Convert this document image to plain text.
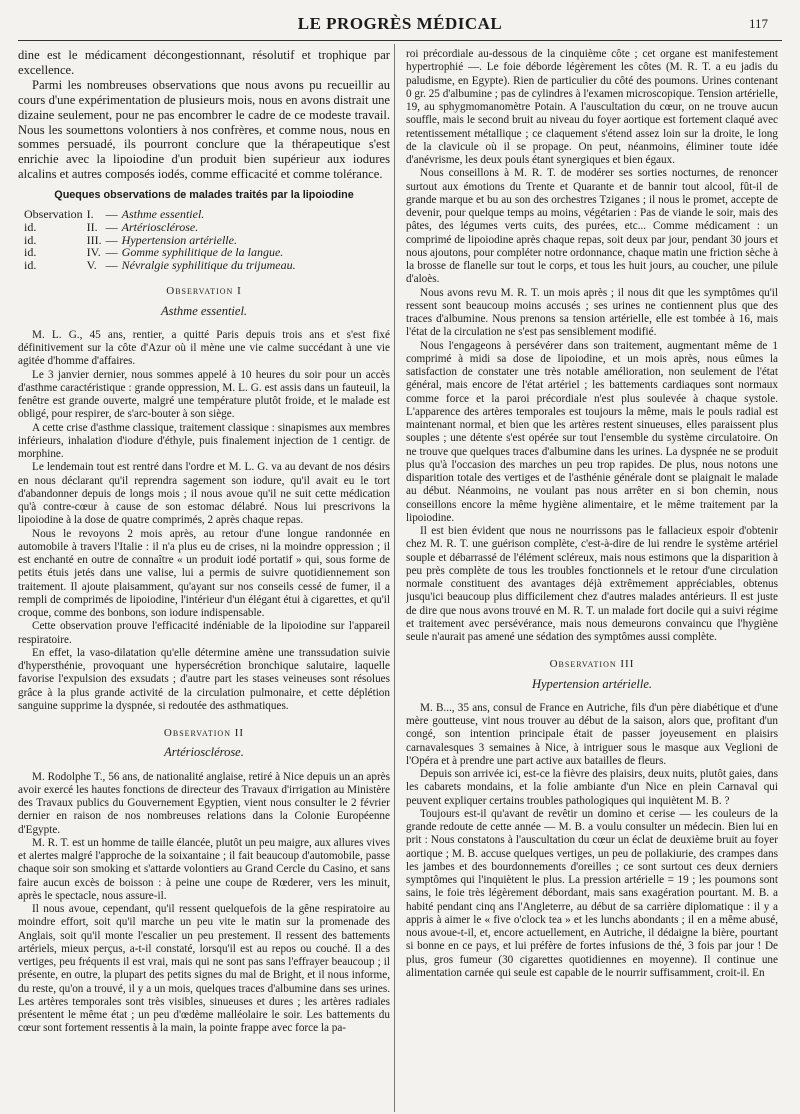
LE PROGRÈS MÉDICAL	117

dine est le médicament décongestionnant, résolutif et trophique par excellence.

Parmi les nombreuses observations que nous avons pu recueillir au cours d'une expérimentation de plusieurs mois, nous en avons distrait une dizaine seulement, pour ne pas encombrer le cadre de ce modeste travail. Nous les soumettons volontiers à nos confrères, et comme nous, nous en sommes persuadé, ils pourront conclure que la thérapeutique s'est enrichie avec la lipoiodine d'un produit bien supérieur aux iodures alcalins et autres composés iodés, comme efficacité et comme tolérance.

Queques observations de malades traités par la lipoiodine
Observation	I.	—	Asthme essentiel.
id.	II.	—	Artériosclérose.
id.	III.	—	Hypertension artérielle.
id.	IV.	—	Gomme syphilitique de la langue.
id.	V.	—	Névralgie syphilitique du trijumeau.
Observation I
Asthme essentiel.

M. L. G., 45 ans, rentier, a quitté Paris depuis trois ans et s'est fixé définitivement sur la côte d'Azur où il mène une vie calme succédant à une vie agitée d'homme d'affaires.

Le 3 janvier dernier, nous sommes appelé à 10 heures du soir pour un accès d'asthme caractéristique : grande oppression, M. L. G. est assis dans un fauteuil, la fenêtre est grande ouverte, malgré une température plutôt froide, et le malade est obligé, pour respirer, de s'arc-bouter à son siège.

A cette crise d'asthme classique, traitement classique : sinapismes aux membres inférieurs, inhalation d'iodure d'éthyle, puis finalement injection de 1 centigr. de morphine.

Le lendemain tout est rentré dans l'ordre et M. L. G. va au devant de nos désirs en nous déclarant qu'il reprendra sagement son iodure, qu'il avait eu le tort d'abandonner depuis de longs mois ; il nous avoue qu'il ne suit cette médication qu'à contre-cœur à cause de son estomac délabré. Nous lui prescrivons la lipoiodine à la dose de quatre comprimés, 2 après chaque repas.

Nous le revoyons 2 mois après, au retour d'une longue randonnée en automobile à travers l'Italie : il n'a plus eu de crises, ni la moindre oppression ; il est enchanté en outre de connaître « un produit iodé portatif » qui, sous forme de petits étuis jetés dans une valise, lui a permis de suivre quotidiennement son traitement. Il ajoute plaisamment, qu'ayant sur nos conseils cessé de fumer, il a rempli de comprimés de lipoiodine, l'intérieur d'un élégant étui à cigarettes, et qu'il croque, comme des bonbons, son iodure indispensable.

Cette observation prouve l'efficacité indéniable de la lipoiodine sur l'appareil respiratoire.

En effet, la vaso-dilatation qu'elle détermine amène une transsudation suivie d'hypersthénie, provoquant une hypersécrétion bronchique salutaire, laquelle favorise l'expulsion des exsudats ; d'autre part les stases veineuses sont résolues grâce à la plus grande activité de la circulation pulmonaire, et cette déplétion sanguine supprime la dyspnée, si redoutée des asthmatiques.

Observation II
Artériosclérose.

M. Rodolphe T., 56 ans, de nationalité anglaise, retiré à Nice depuis un an après avoir exercé les hautes fonctions de directeur des Travaux d'irrigation au Ministère des Travaux publics du Gouvernement Egyptien, vient nous consulter le 2 février dernier en raison de nos nombreuses relations dans la Colonie Européenne d'Egypte.

M. R. T. est un homme de taille élancée, plutôt un peu maigre, aux allures vives et alertes malgré l'approche de la soixantaine ; il fait beaucoup d'automobile, passe chaque soir son smoking et s'attarde volontiers au Grand Cercle du Casino, et sans faire aucun excès de boisson : à peine une coupe de Rœderer, vers les minuit, après le spectacle, nous assure-il.

Il nous avoue, cependant, qu'il ressent quelquefois de la gêne respiratoire au moindre effort, soit qu'il marche un peu vite le matin sur la promenade des Anglais, soit qu'il monte l'escalier un peu prestement. Il ressent des battements artériels, mieux perçus, a-t-il constaté, lorsqu'il est au repos ou couché. Il a des vertiges, peu fréquents il est vrai, mais qui ne sont pas sans l'effrayer beaucoup ; il présente, en outre, la plupart des petits signes du mal de Bright, et il nous informe, du reste, qu'on a trouvé, il y a un mois, quelques traces d'albumine dans ses urines. Les artères temporales sont très visibles, sinueuses et dures ; les artères radiales présentent le même état ; un peu d'œdème malléolaire le soir. Les battements du cœur sont fortement ressentis à la main, la pointe frappe avec force la pa-

roi précordiale au-dessous de la cinquième côte ; cet organe est manifestement hypertrophié —. Le foie déborde légèrement les côtes (M. R. T. a eu jadis du paludisme, en Egypte). Rien de particulier du côté des poumons. Urines contenant 0 gr. 25 d'albumine ; pas de cylindres à l'examen microscopique. Tension artérielle, 19, au sphygmomanomètre Potain. A l'auscultation du cœur, on ne trouve aucun souffle, mais le second bruit au niveau du foyer aortique est fortement claqué avec retentissement métallique ; ce claquement s'étend assez loin sur la droite, le long de la clavicule où il se propage. On peut, néanmoins, éliminer toute idée d'anévrisme, les deux pouls étant synergiques et bien égaux.

Nous conseillons à M. R. T. de modérer ses sorties nocturnes, de renoncer surtout aux émotions du Trente et Quarante et de bannir tout alcool, fût-il de grande marque et bu au son des orchestres Tziganes ; il nous le promet, accepte de devenir, pour quelque temps au moins, végétarien : Pas de viande le soir, mais des pâtes, des légumes verts cuits, des purées, etc... Comme médicament : un comprimé de lipoiodine après chaque repas, soit deux par jour, pendant 30 jours et nous ajoutons, pour compléter notre ordonnance, chaque matin une friction sèche à la brosse de flanelle sur tout le corps, et tous les huit jours, au coucher, une pilule d'aloès.

Nous avons revu M. R. T. un mois après ; il nous dit que les symptômes qu'il ressent sont beaucoup moins accusés ; ses urines ne contiennent plus que des traces d'albumine. Nous prenons sa tension artérielle, elle est tombée à 16, mais l'état de la circulation ne s'est pas sensiblement modifié.

Nous l'engageons à persévérer dans son traitement, augmentant même de 1 comprimé à midi sa dose de lipoiodine, et un mois après, nous eûmes la satisfaction de constater une très notable amélioration, non seulement de l'état général, mais encore de l'état artériel ; les battements cardiaques sont normaux comme force et la paroi précordiale n'est plus soulevée à chaque systole. L'apparence des artères temporales est toujours la même, mais le pouls radial est maintenant normal, et bien que les artères restent sinueuses, elles paraissent plus souples ; une détente s'est opérée sur tout l'ensemble du système circulatoire. On ne trouve que quelques traces d'albumine dans les urines. La dyspnée ne se produit plus qu'à l'occasion des marches un peu trop rapides. De plus, nous notons une disparition totale des vertiges et de l'asthénie générale dont se plaignait le malade au début. Néanmoins, ne voulant pas nous arrêter en si bon chemin, nous conseillons encore la même hygiène alimentaire, et le même traitement par la lipoiodine.

Il est bien évident que nous ne nourrissons pas le fallacieux espoir d'obtenir chez M. R. T. une guérison complète, c'est-à-dire de lui rendre le système artériel souple et débarrassé de l'élément scléreux, mais nous estimons que la disparition à peu près complète de tous les troubles fonctionnels et le retour d'une circulation normale constituent des avantages déjà extrêmement appréciables, obtenus jusqu'ici beaucoup plus difficilement chez d'autres malades antérieurs. Il est juste de dire que nous avons trouvé en M. R. T. un malade fort docile qui a suivi régime et traitement avec persévérance, mais nous demeurons convaincu que l'hygiène seule n'aurait pas amené une sédation des symptômes aussi complète.

Observation III
Hypertension artérielle.

M. B..., 35 ans, consul de France en Autriche, fils d'un père diabétique et d'une mère goutteuse, vint nous trouver au début de la saison, alors que, profitant d'un congé, son intention principale était de passer joyeusement en plaisirs carnavalesques 3 semaines à Nice, à intriguer sous le masque aux Veglioni de l'Opéra et à prendre une part active aux batailles de fleurs.

Depuis son arrivée ici, est-ce la fièvre des plaisirs, deux nuits, plutôt gaies, dans les cabarets mondains, et la folie ambiante d'un Nice en plein Carnaval qui peuvent expliquer certains troubles pathologiques qui inquiètent M. B. ?

Toujours est-il qu'avant de revêtir un domino et cerise — les couleurs de la grande redoute de cette année — M. B. a voulu consulter un médecin. Bien lui en prit : Nous constatons à l'auscultation du cœur un éclat de deuxième bruit au foyer aortique ; M. B. accuse quelques vertiges, un peu de pollakiurie, des crampes dans les jambes et des bourdonnements d'oreilles ; ce sont surtout ces deux derniers symptômes qui l'inquiètent le plus. La pression artérielle = 19 ; les poumons sont sains, le foie très légèrement débordant, mais sans exagération pourtant. M. B. a habité pendant cinq ans l'Angleterre, au début de sa carrière diplomatique : il y a appris à aimer le « five o'clock tea » et les lunchs abondants ; il en a même abusé, nous avoue-t-il, et, encore actuellement, en Autriche, il dédaigne la bière, pourtant si bonne en ce pays, et lui préfère de fortes infusions de thé, 3 fois par jour ! De plus, gros fumeur (30 cigarettes quotidiennes en moyenne). Il continue une alimentation carnée qui seule est capable de le nourrir suffisamment, croit-il. En
